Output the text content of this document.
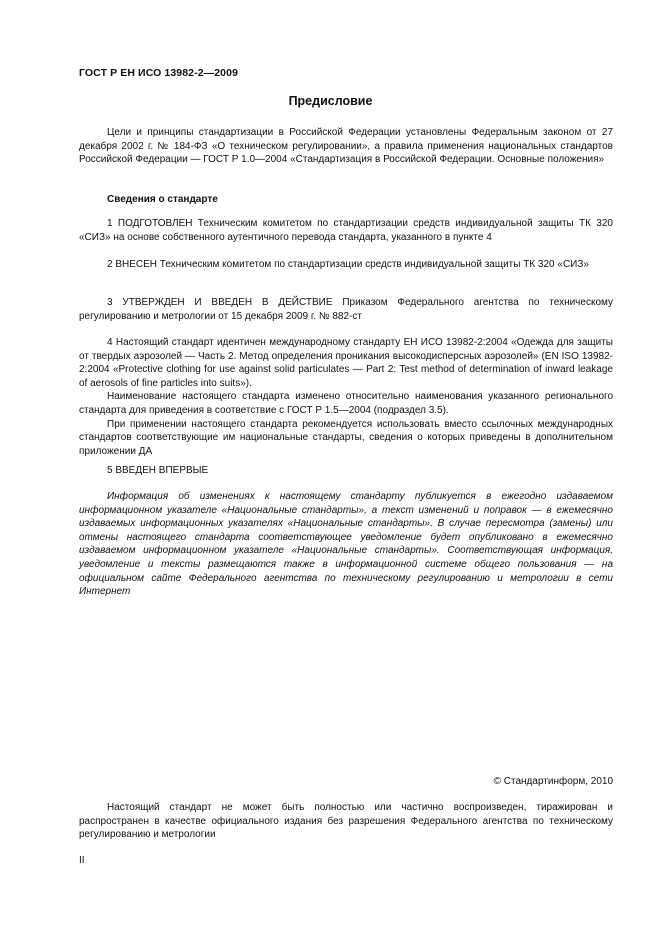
ГОСТ Р ЕН ИСО 13982-2—2009
Предисловие

Цели и принципы стандартизации в Российской Федерации установлены Федеральным законом от 27 декабря 2002 г. № 184-ФЗ «О техническом регулировании», а правила применения национальных стандартов Российской Федерации — ГОСТ Р 1.0—2004 «Стандартизация в Российской Федерации. Основные положения»

Сведения о стандарте

1 ПОДГОТОВЛЕН Техническим комитетом по стандартизации средств индивидуальной защиты ТК 320 «СИЗ» на основе собственного аутентичного перевода стандарта, указанного в пункте 4

2 ВНЕСЕН Техническим комитетом по стандартизации средств индивидуальной защиты ТК 320 «СИЗ»

3 УТВЕРЖДЕН И ВВЕДЕН В ДЕЙСТВИЕ Приказом Федерального агентства по техническому регулированию и метрологии от 15 декабря 2009 г. № 882-ст

4 Настоящий стандарт идентичен международному стандарту ЕН ИСО 13982-2:2004 «Одежда для защиты от твердых аэрозолей — Часть 2. Метод определения проникания высокодисперсных аэрозолей» (EN ISO 13982-2:2004 «Protective clothing for use against solid particulates — Part 2: Test method of determination of inward leakage of aerosols of fine particles into suits»).

Наименование настоящего стандарта изменено относительно наименования указанного регионального стандарта для приведения в соответствие с ГОСТ Р 1.5—2004 (подраздел 3.5).

При применении настоящего стандарта рекомендуется использовать вместо ссылочных международных стандартов соответствующие им национальные стандарты, сведения о которых приведены в дополнительном приложении ДА

5 ВВЕДЕН ВПЕРВЫЕ

Информация об изменениях к настоящему стандарту публикуется в ежегодно издаваемом информационном указателе «Национальные стандарты», а текст изменений и поправок — в ежемесячно издаваемых информационных указателях «Национальные стандарты». В случае пересмотра (замены) или отмены настоящего стандарта соответствующее уведомление будет опубликовано в ежемесячно издаваемом информационном указателе «Национальные стандарты». Соответствующая информация, уведомление и тексты размещаются также в информационной системе общего пользования — на официальном сайте Федерального агентства по техническому регулированию и метрологии в сети Интернет

© Стандартинформ, 2010

Настоящий стандарт не может быть полностью или частично воспроизведен, тиражирован и распространен в качестве официального издания без разрешения Федерального агентства по техническому регулированию и метрологии

II
